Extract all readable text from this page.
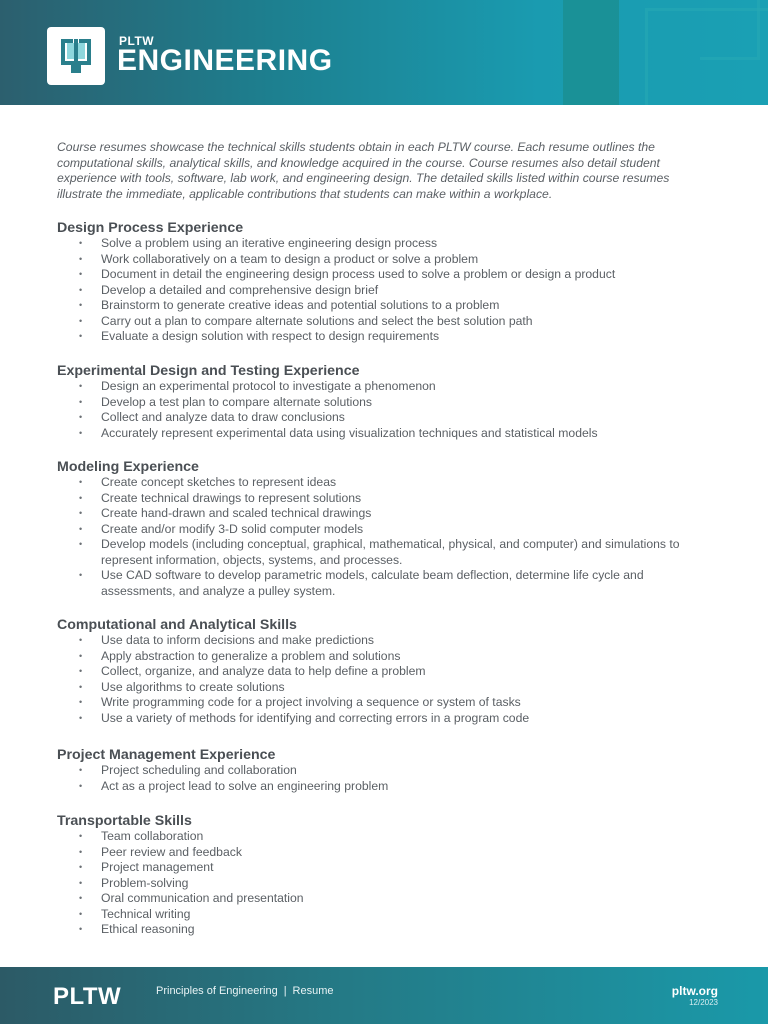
PLTW
ENGINEERING

Course resumes showcase the technical skills students obtain in each PLTW course. Each resume outlines the computational skills, analytical skills, and knowledge acquired in the course. Course resumes also detail student experience with tools, software, lab work, and engineering design. The detailed skills listed within course resumes illustrate the immediate, applicable contributions that students can make within a workplace.

Design Process Experience
• Solve a problem using an iterative engineering design process
• Work collaboratively on a team to design a product or solve a problem
• Document in detail the engineering design process used to solve a problem or design a product
• Develop a detailed and comprehensive design brief
• Brainstorm to generate creative ideas and potential solutions to a problem
• Carry out a plan to compare alternate solutions and select the best solution path
• Evaluate a design solution with respect to design requirements
Experimental Design and Testing Experience
• Design an experimental protocol to investigate a phenomenon
• Develop a test plan to compare alternate solutions
• Collect and analyze data to draw conclusions
• Accurately represent experimental data using visualization techniques and statistical models
Modeling Experience
• Create concept sketches to represent ideas
• Create technical drawings to represent solutions
• Create hand-drawn and scaled technical drawings
• Create and/or modify 3-D solid computer models
• Develop models (including conceptual, graphical, mathematical, physical, and computer) and simulations to represent information, objects, systems, and processes.
• Use CAD software to develop parametric models, calculate beam deflection, determine life cycle and assessments, and analyze a pulley system.
Computational and Analytical Skills
• Use data to inform decisions and make predictions
• Apply abstraction to generalize a problem and solutions
• Collect, organize, and analyze data to help define a problem
• Use algorithms to create solutions
• Write programming code for a project involving a sequence or system of tasks
• Use a variety of methods for identifying and correcting errors in a program code
Project Management Experience
• Project scheduling and collaboration
• Act as a project lead to solve an engineering problem
Transportable Skills
• Team collaboration
• Peer review and feedback
• Project management
• Problem-solving
• Oral communication and presentation
• Technical writing
• Ethical reasoning
PLTW	Principles of Engineering | Resume	pltw.org
12/2023
